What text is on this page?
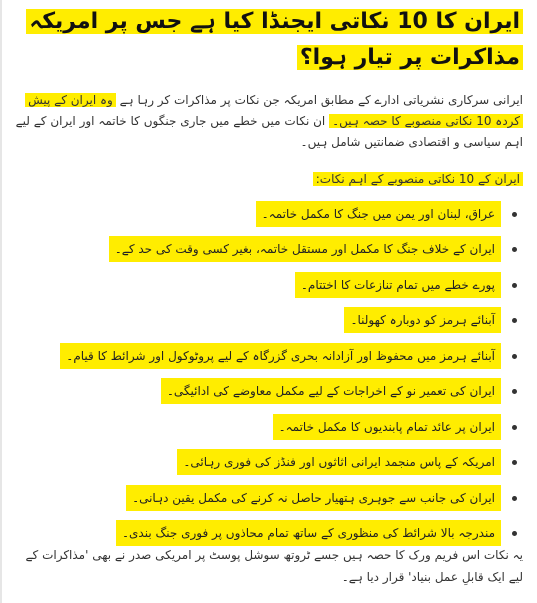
ایران کا 10 نکاتی ایجنڈا کیا ہے جس پر امریکہ مذاکرات پر تیار ہوا؟

ایرانی سرکاری نشریاتی ادارے کے مطابق امریکہ جن نکات پر مذاکرات کر رہا ہے وہ ایران کے پیش کردہ 10 نکاتی منصوبے کا حصہ ہیں۔ ان نکات میں خطے میں جاری جنگوں کا خاتمہ اور ایران کے لیے اہم سیاسی و اقتصادی ضمانتیں شامل ہیں۔

ایران کے 10 نکاتی منصوبے کے اہم نکات:

عراق، لبنان اور یمن میں جنگ کا مکمل خاتمہ۔
ایران کے خلاف جنگ کا مکمل اور مستقل خاتمہ، بغیر کسی وقت کی حد کے۔
پورے خطے میں تمام تنازعات کا اختتام۔
آبنائے ہرمز کو دوبارہ کھولنا۔
آبنائے ہرمز میں محفوظ اور آزادانہ بحری گزرگاہ کے لیے پروٹوکول اور شرائط کا قیام۔
ایران کی تعمیر نو کے اخراجات کے لیے مکمل معاوضے کی ادائیگی۔
ایران پر عائد تمام پابندیوں کا مکمل خاتمہ۔
امریکہ کے پاس منجمد ایرانی اثاثوں اور فنڈز کی فوری رہائی۔
ایران کی جانب سے جوہری ہتھیار حاصل نہ کرنے کی مکمل یقین دہانی۔
مندرجہ بالا شرائط کی منظوری کے ساتھ تمام محاذوں پر فوری جنگ بندی۔

یہ نکات اس فریم ورک کا حصہ ہیں جسے ٹروتھ سوشل پوسٹ پر امریکی صدر نے بھی 'مذاکرات کے لیے ایک قابلِ عمل بنیاد' قرار دیا ہے۔
